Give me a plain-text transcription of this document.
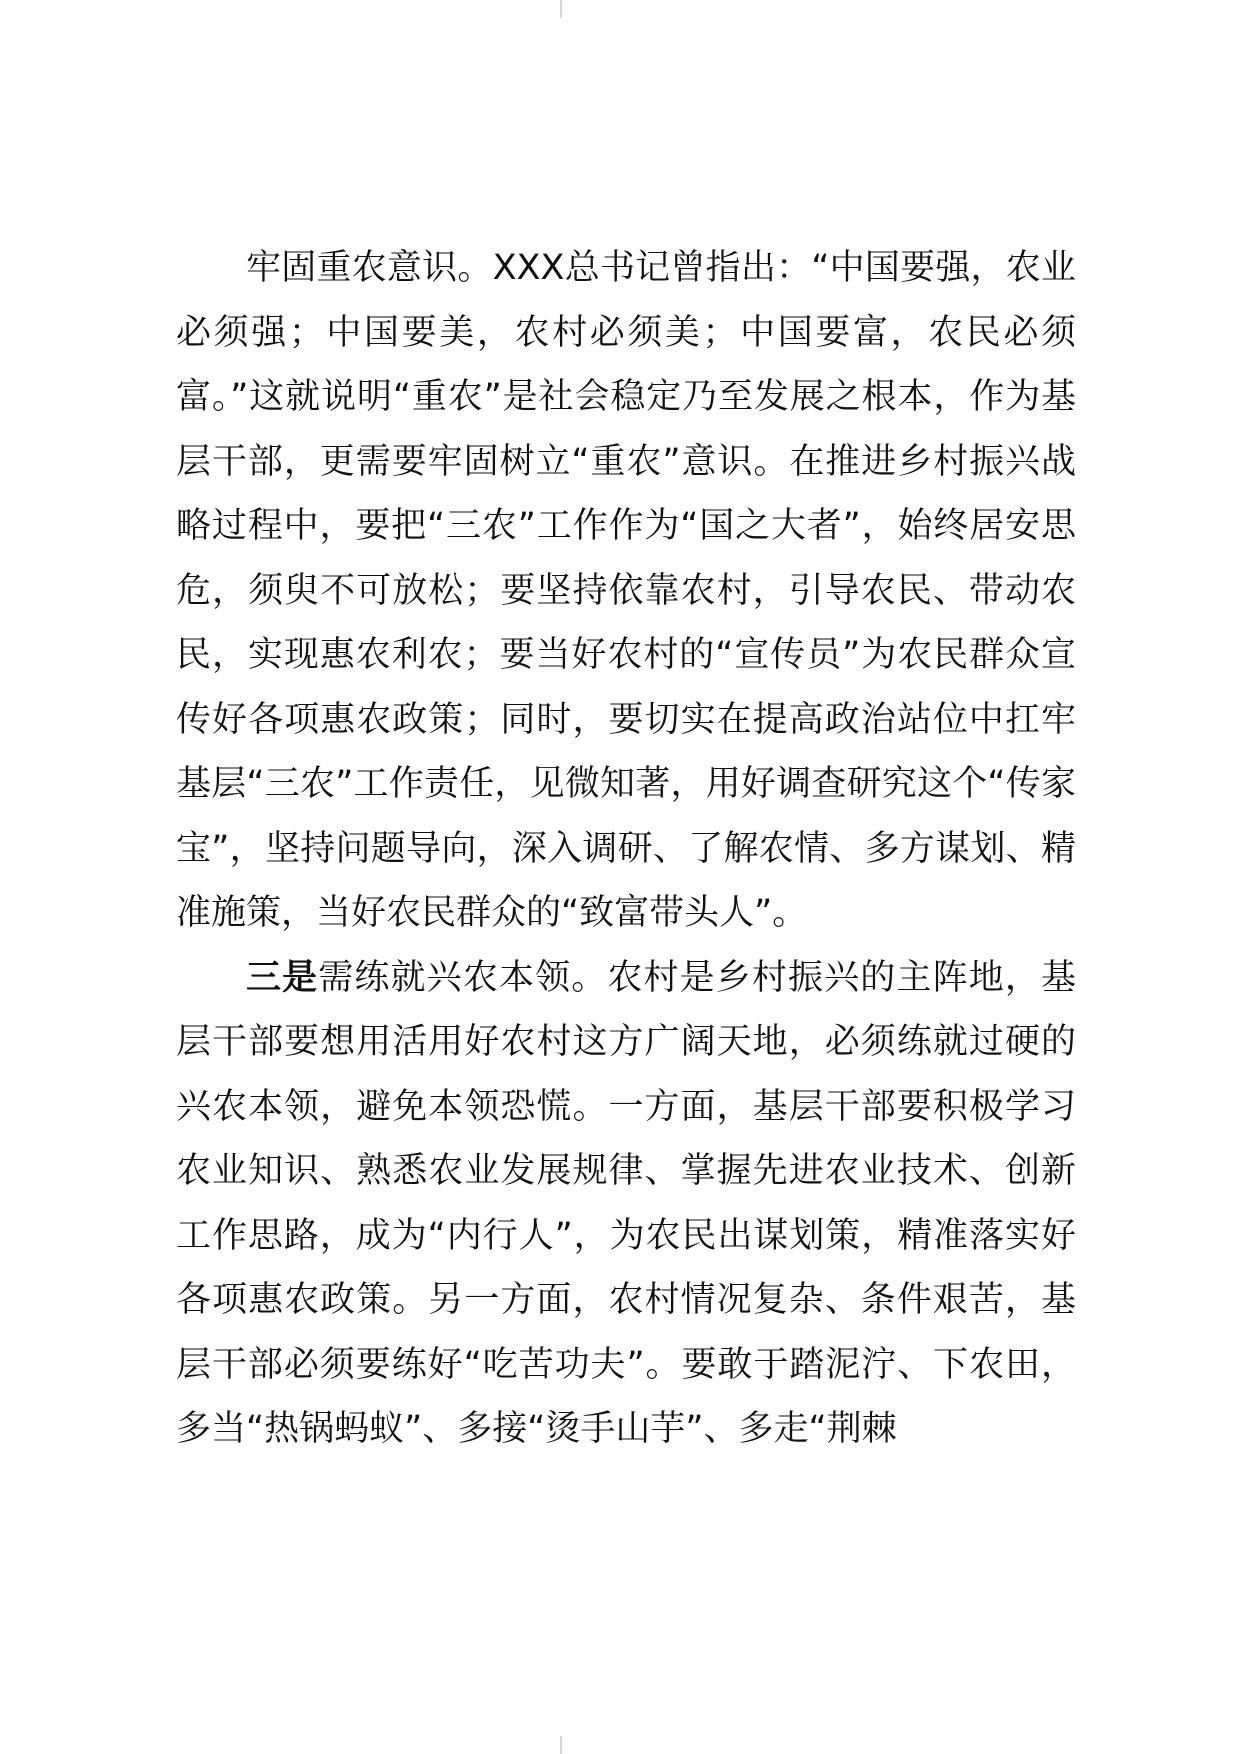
牢固重农意识。XXX总书记曾指出：“中国要强，农业必须强；中国要美，农村必须美；中国要富，农民必须富。”这就说明“重农”是社会稳定乃至发展之根本，作为基层干部，更需要牢固树立“重农”意识。在推进乡村振兴战略过程中，要把“三农”工作作为“国之大者”，始终居安思危，须臾不可放松；要坚持依靠农村，引导农民、带动农民，实现惠农利农；要当好农村的“宣传员”为农民群众宣传好各项惠农政策；同时，要切实在提高政治站位中扛牢基层“三农”工作责任，见微知著，用好调查研究这个“传家宝”，坚持问题导向，深入调研、了解农情、多方谋划、精准施策，当好农民群众的“致富带头人”。

三是需练就兴农本领。农村是乡村振兴的主阵地，基层干部要想用活用好农村这方广阔天地，必须练就过硬的兴农本领，避免本领恐慌。一方面，基层干部要积极学习农业知识、熟悉农业发展规律、掌握先进农业技术、创新工作思路，成为“内行人”，为农民出谋划策，精准落实好各项惠农政策。另一方面，农村情况复杂、条件艰苦，基层干部必须要练好“吃苦功夫”。要敢于踏泥泞、下农田，多当“热锅蚂蚁”、多接“烫手山芋”、多走“荆棘
